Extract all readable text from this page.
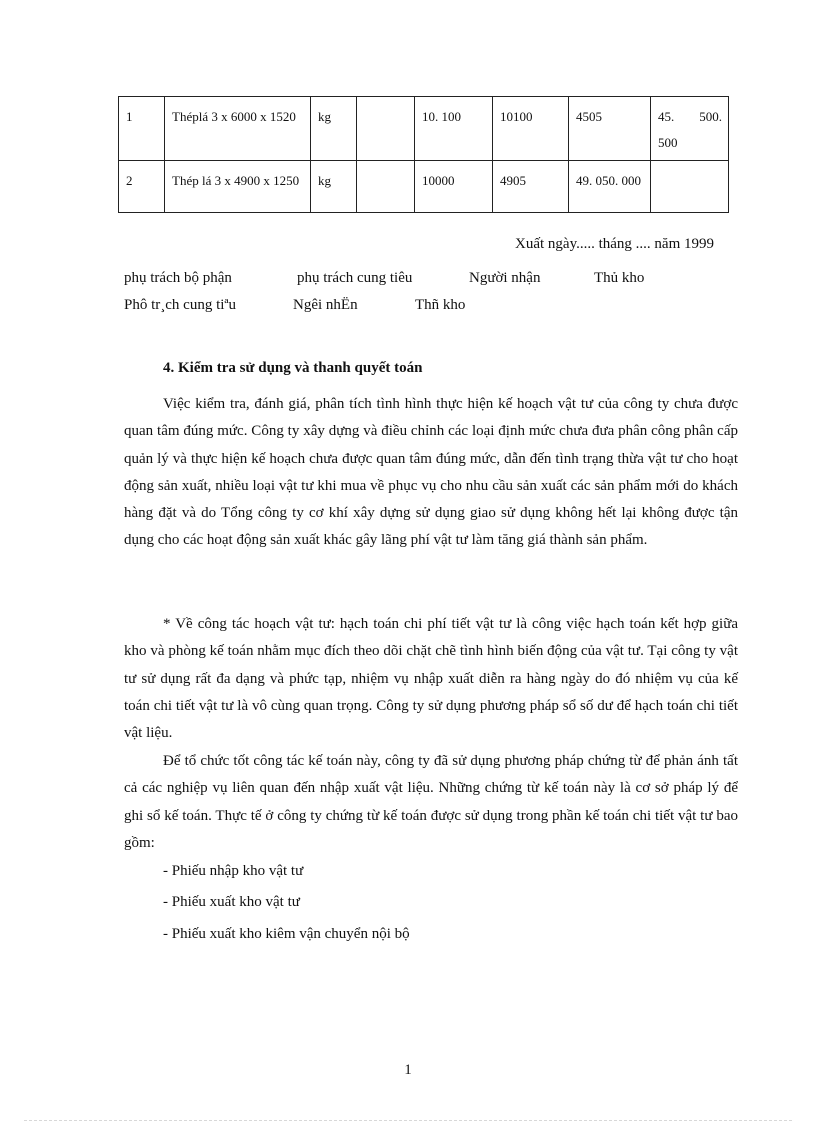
1	Théplá 3 x 6000 x 1520	kg		10. 100	10100	4505	45. 500. 500
2	Thép lá 3 x 4900 x 1250	kg		10000	4905	49. 050. 000	
Xuất ngày..... tháng .... năm 1999
phụ trách bộ phận	phụ trách cung tiêu	Người nhận	Thủ kho
Phô tr¸ch cung tiªu	Ngêi nhËn	Thñ kho
4. Kiểm tra sử dụng và thanh quyết toán

Việc kiểm tra, đánh giá, phân tích tình hình thực hiện kế hoạch vật tư của công ty chưa được quan tâm đúng mức. Công ty xây dựng và điều chỉnh các loại định mức chưa đưa phân công phân cấp quản lý và thực hiện kế hoạch chưa được quan tâm đúng mức, dẫn đến tình trạng thừa vật tư cho hoạt động sản xuất, nhiều loại vật tư khi mua về phục vụ cho nhu cầu sản xuất các sản phẩm mới do khách hàng đặt và do Tổng công ty cơ khí xây dựng sử dụng giao sử dụng không hết lại không được tận dụng cho các hoạt động sản xuất khác gây lãng phí vật tư làm tăng giá thành sản phẩm.

* Về công tác hoạch vật tư: hạch toán chi phí tiết vật tư là công việc hạch toán kết hợp giữa kho và phòng kế toán nhằm mục đích theo dõi chặt chẽ tình hình biến động của vật tư. Tại công ty vật tư sử dụng rất đa dạng và phức tạp, nhiệm vụ nhập xuất diễn ra hàng ngày do đó nhiệm vụ của kế toán chi tiết vật tư là vô cùng quan trọng. Công ty sử dụng phương pháp sổ số dư để hạch toán chi tiết vật liệu.

Để tổ chức tốt công tác kế toán này, công ty đã sử dụng phương pháp chứng từ để phản ánh tất cả các nghiệp vụ liên quan đến nhập xuất vật liệu. Những chứng từ kế toán này là cơ sở pháp lý để ghi sổ kế toán. Thực tế ở công ty chứng từ kế toán được sử dụng trong phần kế toán chi tiết vật tư bao gồm:

- Phiếu nhập kho vật tư
- Phiếu xuất kho vật tư
- Phiếu xuất kho kiêm vận chuyển nội bộ
1
